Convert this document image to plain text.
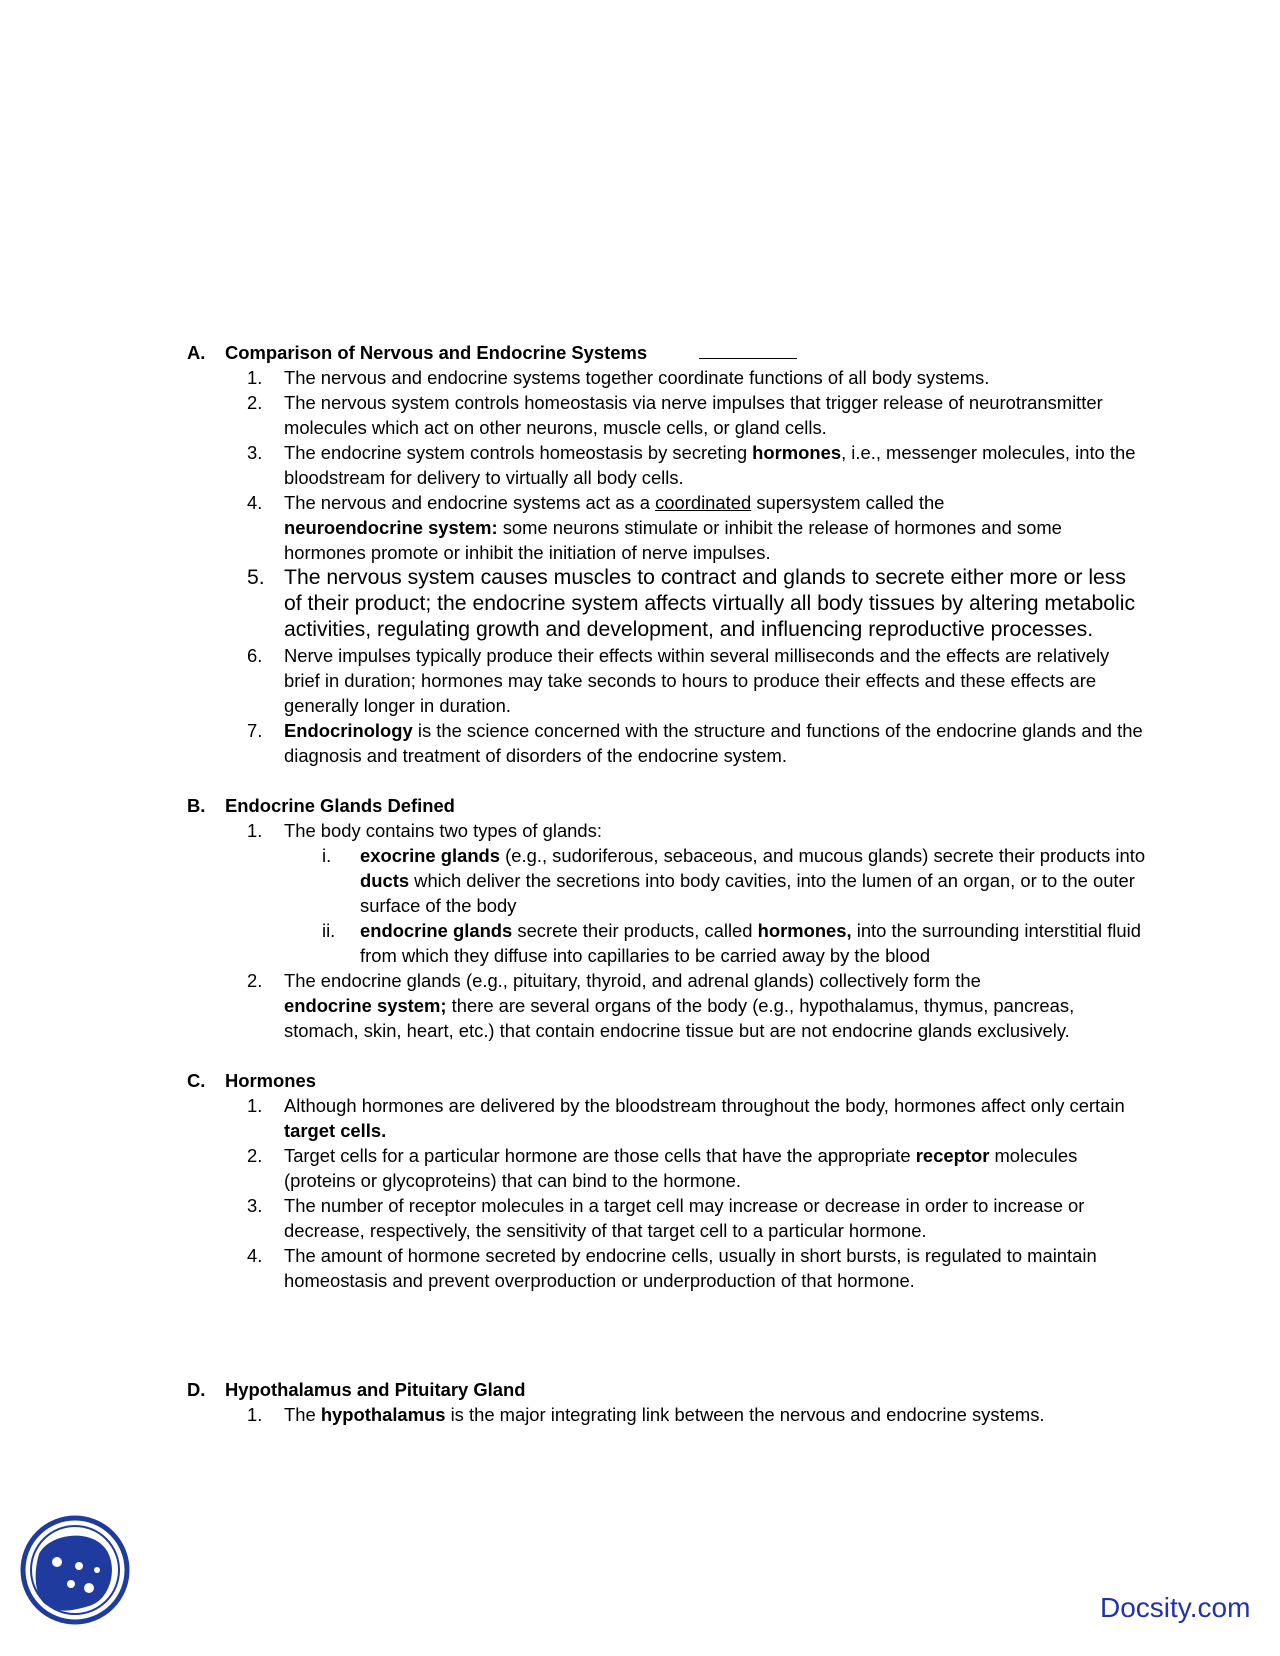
A. Comparison of Nervous and Endocrine Systems
1. The nervous and endocrine systems together coordinate functions of all body systems.
2. The nervous system controls homeostasis via nerve impulses that trigger release of neurotransmitter molecules which act on other neurons, muscle cells, or gland cells.
3. The endocrine system controls homeostasis by secreting hormones, i.e., messenger molecules, into the bloodstream for delivery to virtually all body cells.
4. The nervous and endocrine systems act as a coordinated supersystem called the
neuroendocrine system: some neurons stimulate or inhibit the release of hormones and some hormones promote or inhibit the initiation of nerve impulses.
5. The nervous system causes muscles to contract and glands to secrete either more or less of their product; the endocrine system affects virtually all body tissues by altering metabolic activities, regulating growth and development, and influencing reproductive processes.
6. Nerve impulses typically produce their effects within several milliseconds and the effects are relatively brief in duration; hormones may take seconds to hours to produce their effects and these effects are generally longer in duration.
7. Endocrinology is the science concerned with the structure and functions of the endocrine glands and the diagnosis and treatment of disorders of the endocrine system.
B. Endocrine Glands Defined
1. The body contains two types of glands:
i. exocrine glands (e.g., sudoriferous, sebaceous, and mucous glands) secrete their products into ducts which deliver the secretions into body cavities, into the lumen of an organ, or to the outer surface of the body
ii. endocrine glands secrete their products, called hormones, into the surrounding interstitial fluid from which they diffuse into capillaries to be carried away by the blood
2. The endocrine glands (e.g., pituitary, thyroid, and adrenal glands) collectively form the
endocrine system; there are several organs of the body (e.g., hypothalamus, thymus, pancreas, stomach, skin, heart, etc.) that contain endocrine tissue but are not endocrine glands exclusively.
C. Hormones
1. Although hormones are delivered by the bloodstream throughout the body, hormones affect only certain target cells.
2. Target cells for a particular hormone are those cells that have the appropriate receptor molecules (proteins or glycoproteins) that can bind to the hormone.
3. The number of receptor molecules in a target cell may increase or decrease in order to increase or decrease, respectively, the sensitivity of that target cell to a particular hormone.
4. The amount of hormone secreted by endocrine cells, usually in short bursts, is regulated to maintain homeostasis and prevent overproduction or underproduction of that hormone.
D. Hypothalamus and Pituitary Gland
1. The hypothalamus is the major integrating link between the nervous and endocrine systems.
Docsity.com
